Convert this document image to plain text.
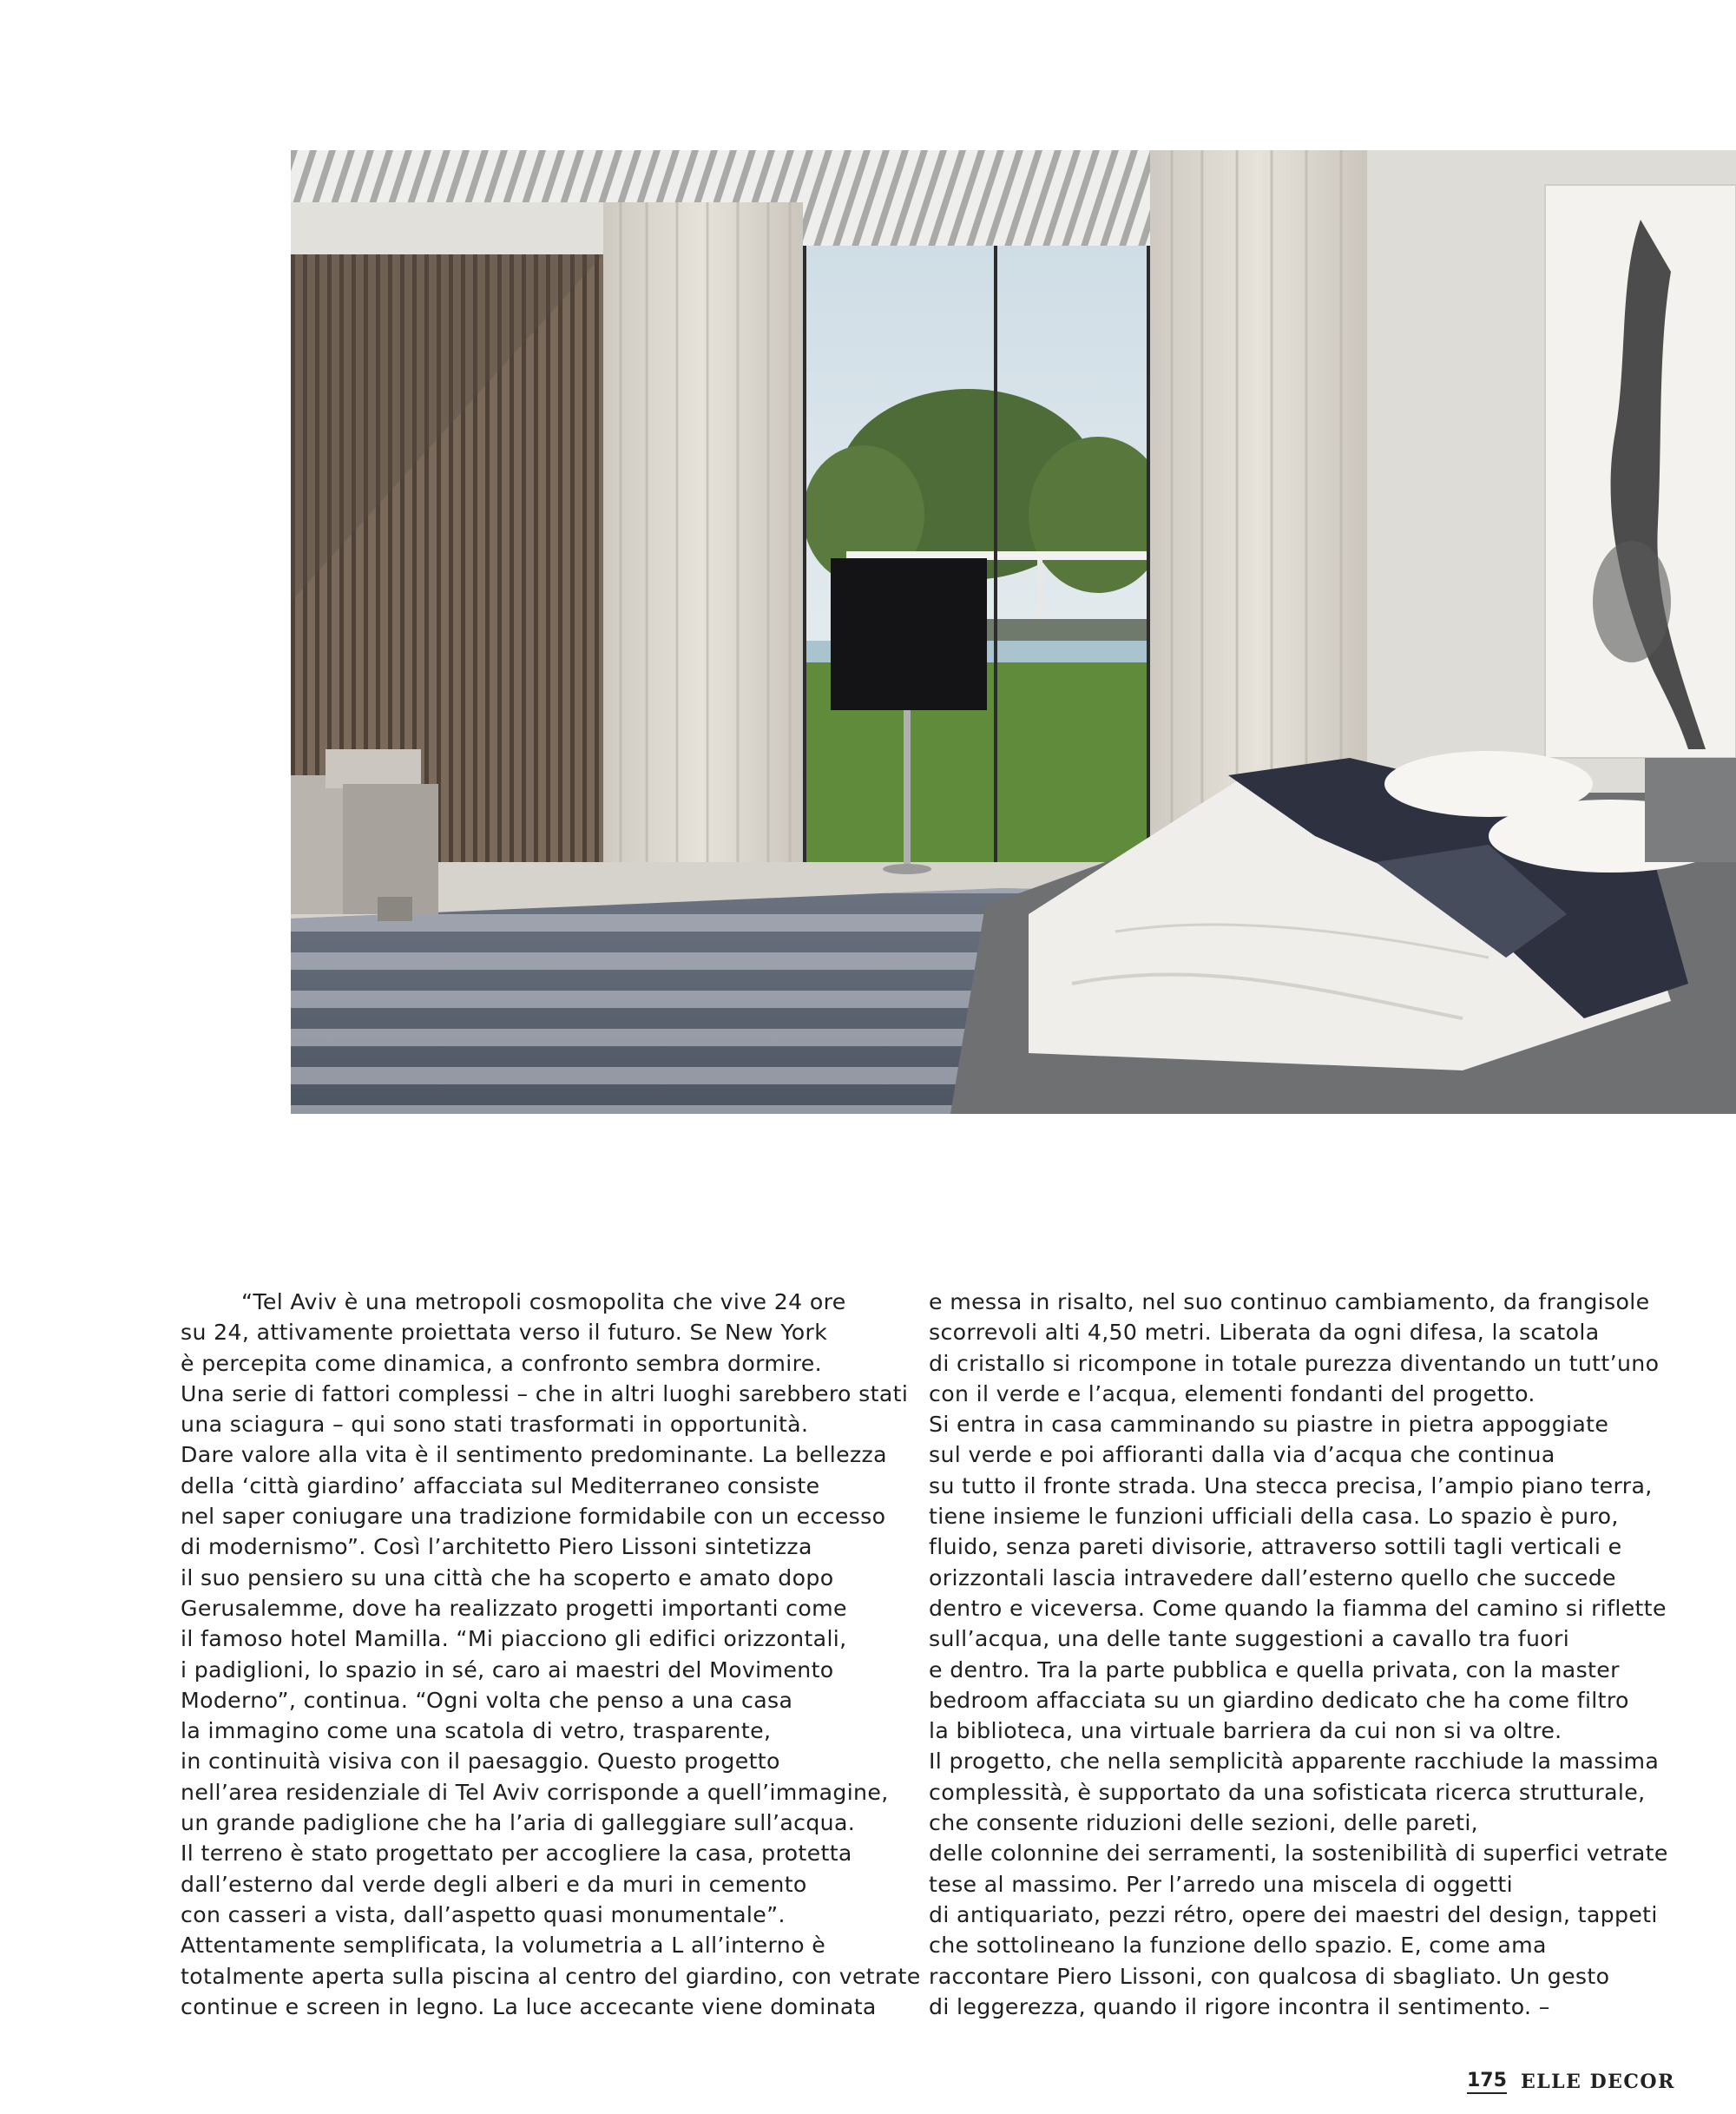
“Tel Aviv è una metropoli cosmopolita che vive 24 ore
su 24, attivamente proiettata verso il futuro. Se New York
è percepita come dinamica, a confronto sembra dormire.
Una serie di fattori complessi – che in altri luoghi sarebbero stati
una sciagura – qui sono stati trasformati in opportunità.
Dare valore alla vita è il sentimento predominante. La bellezza
della ‘città giardino’ affacciata sul Mediterraneo consiste
nel saper coniugare una tradizione formidabile con un eccesso
di modernismo”. Così l’architetto Piero Lissoni sintetizza
il suo pensiero su una città che ha scoperto e amato dopo
Gerusalemme, dove ha realizzato progetti importanti come
il famoso hotel Mamilla. “Mi piacciono gli edifici orizzontali,
i padiglioni, lo spazio in sé, caro ai maestri del Movimento
Moderno”, continua. “Ogni volta che penso a una casa
la immagino come una scatola di vetro, trasparente,
in continuità visiva con il paesaggio. Questo progetto
nell’area residenziale di Tel Aviv corrisponde a quell’immagine,
un grande padiglione che ha l’aria di galleggiare sull’acqua.
Il terreno è stato progettato per accogliere la casa, protetta
dall’esterno dal verde degli alberi e da muri in cemento
con casseri a vista, dall’aspetto quasi monumentale”.
Attentamente semplificata, la volumetria a L all’interno è
totalmente aperta sulla piscina al centro del giardino, con vetrate
continue e screen in legno. La luce accecante viene dominata
e messa in risalto, nel suo continuo cambiamento, da frangisole
scorrevoli alti 4,50 metri. Liberata da ogni difesa, la scatola
di cristallo si ricompone in totale purezza diventando un tutt’uno
con il verde e l’acqua, elementi fondanti del progetto.
Si entra in casa camminando su piastre in pietra appoggiate
sul verde e poi affioranti dalla via d’acqua che continua
su tutto il fronte strada. Una stecca precisa, l’ampio piano terra,
tiene insieme le funzioni ufficiali della casa. Lo spazio è puro,
fluido, senza pareti divisorie, attraverso sottili tagli verticali e
orizzontali lascia intravedere dall’esterno quello che succede
dentro e viceversa. Come quando la fiamma del camino si riflette
sull’acqua, una delle tante suggestioni a cavallo tra fuori
e dentro. Tra la parte pubblica e quella privata, con la master
bedroom affacciata su un giardino dedicato che ha come filtro
la biblioteca, una virtuale barriera da cui non si va oltre.
Il progetto, che nella semplicità apparente racchiude la massima
complessità, è supportato da una sofisticata ricerca strutturale,
che consente riduzioni delle sezioni, delle pareti,
delle colonnine dei serramenti, la sostenibilità di superfici vetrate
tese al massimo. Per l’arredo una miscela di oggetti
di antiquariato, pezzi rétro, opere dei maestri del design, tappeti
che sottolineano la funzione dello spazio. E, come ama
raccontare Piero Lissoni, con qualcosa di sbagliato. Un gesto
di leggerezza, quando il rigore incontra il sentimento. –
175 ELLE DECOR
